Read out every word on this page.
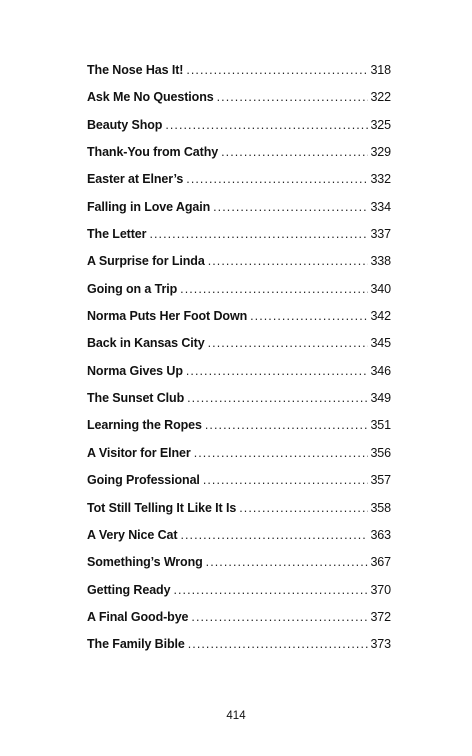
The Nose Has It! . . .	318
Ask Me No Questions . . .	322
Beauty Shop . . .	325
Thank-You from Cathy . . .	329
Easter at Elner’s . . .	332
Falling in Love Again . . .	334
The Letter . . .	337
A Surprise for Linda . . .	338
Going on a Trip . . .	340
Norma Puts Her Foot Down . . .	342
Back in Kansas City . . .	345
Norma Gives Up . . .	346
The Sunset Club . . .	349
Learning the Ropes . . .	351
A Visitor for Elner . . .	356
Going Professional . . .	357
Tot Still Telling It Like It Is . . .	358
A Very Nice Cat . . .	363
Something’s Wrong . . .	367
Getting Ready . . .	370
A Final Good-bye . . .	372
The Family Bible . . .	373
414
